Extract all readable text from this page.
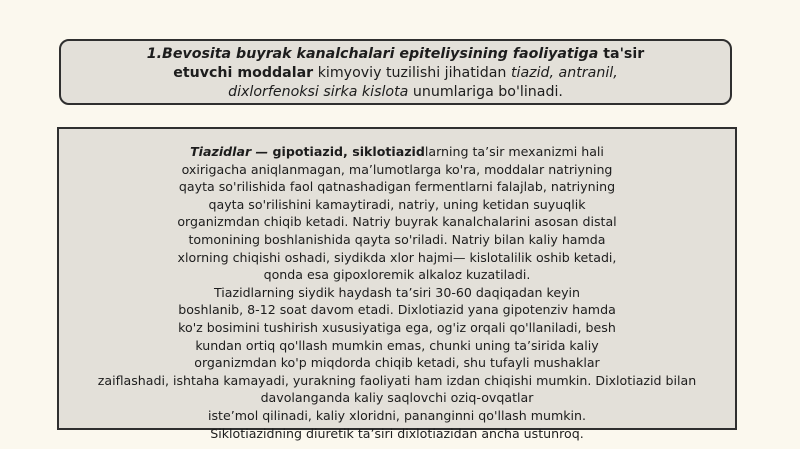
1.Bevosita buyrak kanalchalari epiteliysining faoliyatiga ta'sir
etuvchi moddalar kimyoviy tuzilishi jihatidan tiazid, antranil,
dixlorfenoksi sirka kislota unumlariga bo'linadi.
Tiazidlar — gipotiazid, siklotiazidlarning ta’sir mexanizmi hali
oxirigacha aniqlanmagan, ma’lumotlarga ko'ra, moddalar natriyning
qayta so'rilishida faol qatnashadigan fermentlarni falajlab, natriyning
qayta so'rilishini kamaytiradi, natriy, uning ketidan suyuqlik
organizmdan chiqib ketadi. Natriy buyrak kanalchalarini asosan distal
tomonining boshlanishida qayta so'riladi. Natriy bilan kaliy hamda
xlorning chiqishi oshadi, siydikda xlor hajmi— kislotalilik oshib ketadi,
qonda esa gipoxloremik alkaloz kuzatiladi.
Tiazidlarning siydik haydash ta’siri 30-60 daqiqadan keyin
boshlanib, 8-12 soat davom etadi. Dixlotiazid yana gipotenziv hamda
ko'z bosimini tushirish xususiyatiga ega, og'iz orqali qo'llaniladi, besh
kundan ortiq qo'llash mumkin emas, chunki uning ta’sirida kaliy
organizmdan ko'p miqdorda chiqib ketadi, shu tufayli mushaklar
zaiflashadi, ishtaha kamayadi, yurakning faoliyati ham izdan chiqishi mumkin. Dixlotiazid bilan
davolanganda kaliy saqlovchi oziq-ovqatlar
iste’mol qilinadi, kaliy xloridni, pananginni qo'llash mumkin.
Siklotiazidning diuretik ta’siri dixlotiazidan ancha ustunroq.
